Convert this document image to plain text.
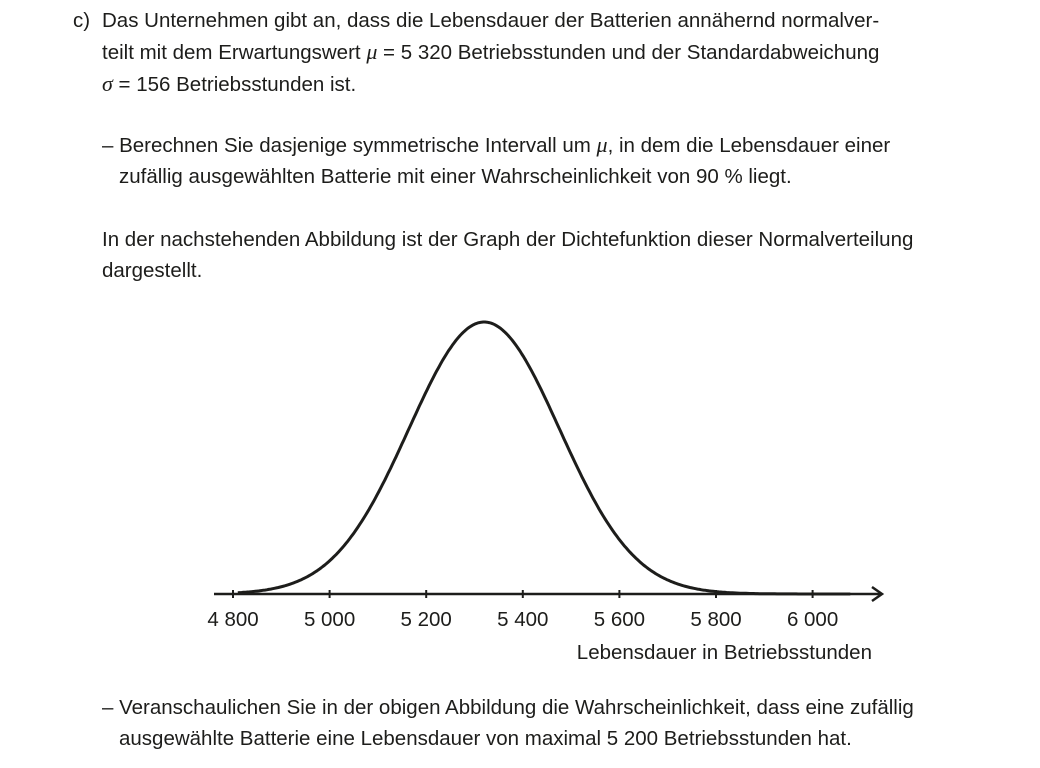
c) Das Unternehmen gibt an, dass die Lebensdauer der Batterien annähernd normalver-
teilt mit dem Erwartungswert μ = 5 320 Betriebsstunden und der Standardabweichung
σ = 156 Betriebsstunden ist.
– Berechnen Sie dasjenige symmetrische Intervall um μ, in dem die Lebensdauer einer
zufällig ausgewählten Batterie mit einer Wahrscheinlichkeit von 90 % liegt.
In der nachstehenden Abbildung ist der Graph der Dichtefunktion dieser Normalverteilung
dargestellt.
4 800 5 000 5 200 5 400 5 600 5 800 6 000
Lebensdauer in Betriebsstunden
– Veranschaulichen Sie in der obigen Abbildung die Wahrscheinlichkeit, dass eine zufällig
ausgewählte Batterie eine Lebensdauer von maximal 5 200 Betriebsstunden hat.
